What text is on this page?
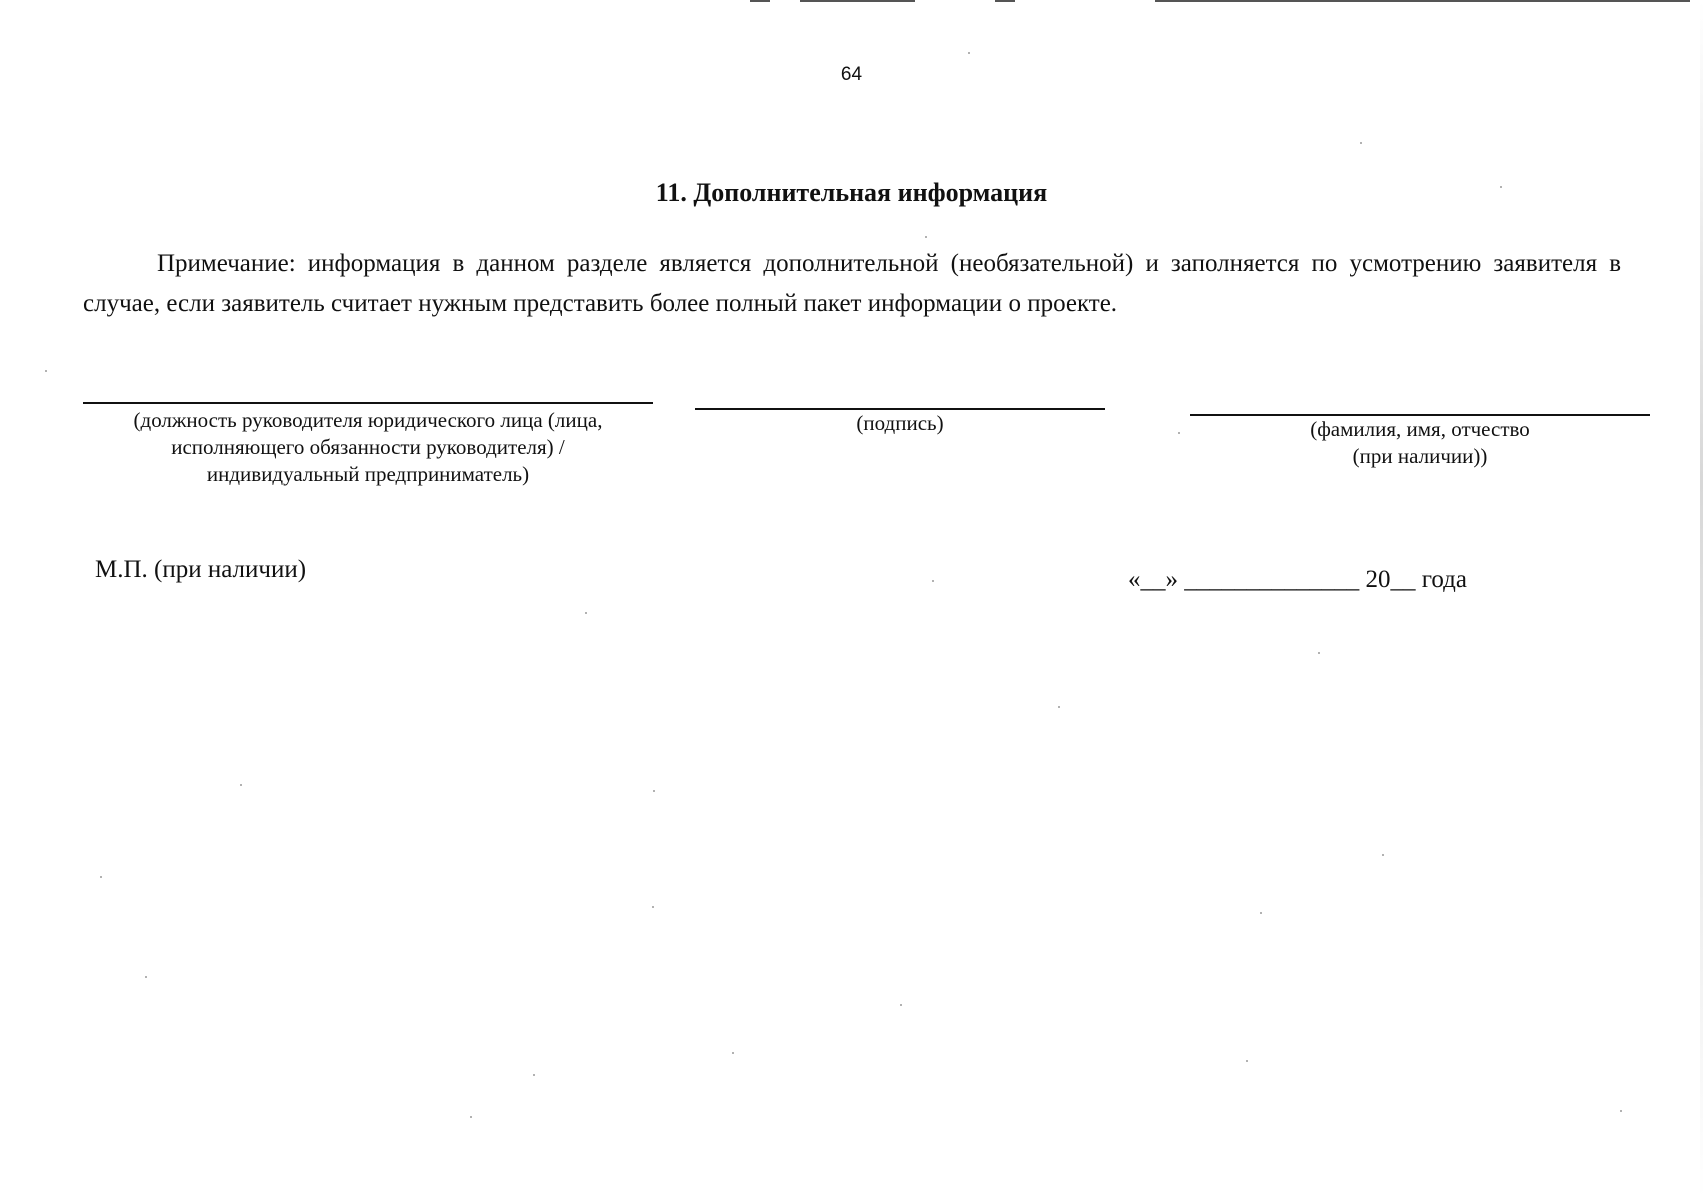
64
11. Дополнительная информация

Примечание: информация в данном разделе является дополнительной (необязательной) и заполняется по усмотрению заявителя в случае, если заявитель считает нужным представить более полный пакет информации о проекте.

(должность руководителя юридического лица (лица,
исполняющего обязанности руководителя) /
индивидуальный предприниматель)
(подпись)	(фамилия, имя, отчество
(при наличии))
М.П. (при наличии)	«__» ______________ 20__ года
